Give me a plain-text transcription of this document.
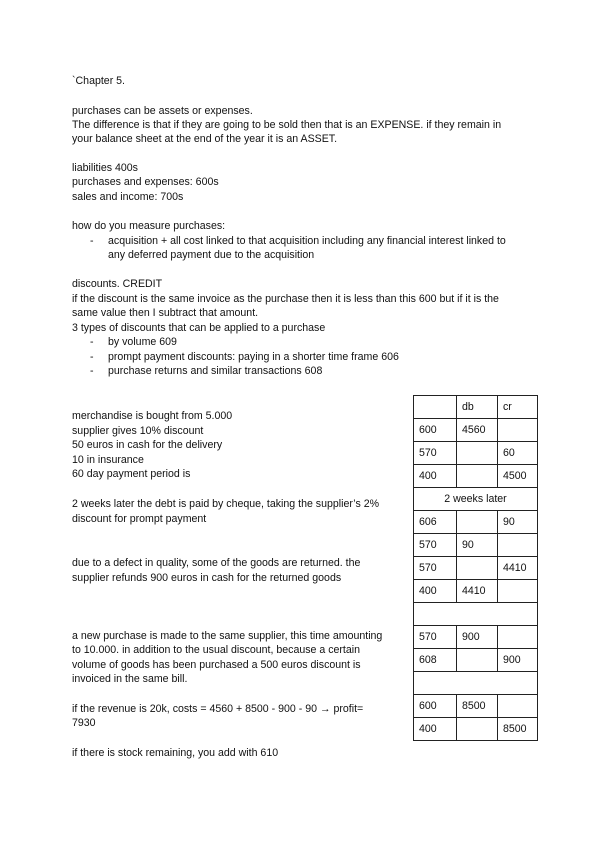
`Chapter 5.
purchases can be assets or expenses.
The difference is that if they are going to be sold then that is an EXPENSE. if they remain in
your balance sheet at the end of the year it is an ASSET.
liabilities 400s
purchases and expenses: 600s
sales and income: 700s
how do you measure purchases:
- acquisition + all cost linked to that acquisition including any financial interest linked to
any deferred payment due to the acquisition
discounts. CREDIT
if the discount is the same invoice as the purchase then it is less than this 600 but if it is the
same value then I subtract that amount.
3 types of discounts that can be applied to a purchase
- by volume 609
- prompt payment discounts: paying in a shorter time frame 606
- purchase returns and similar transactions 608
merchandise is bought from 5.000
supplier gives 10% discount
50 euros in cash for the delivery
10 in insurance
60 day payment period is
2 weeks later the debt is paid by cheque, taking the supplier’s 2%
discount for prompt payment
due to a defect in quality, some of the goods are returned. the
supplier refunds 900 euros in cash for the returned goods
a new purchase is made to the same supplier, this time amounting
to 10.000. in addition to the usual discount, because a certain
volume of goods has been purchased a 500 euros discount is
invoiced in the same bill.
if the revenue is 20k, costs = 4560 + 8500 - 900 - 90 → profit=
7930
if there is stock remaining, you add with 610
	db	cr
600	4560	
570		60
400		4500
2 weeks later		
606		90
570	90	
570		4410
400	4410	

570	900	
608		900

600	8500	
400		8500
